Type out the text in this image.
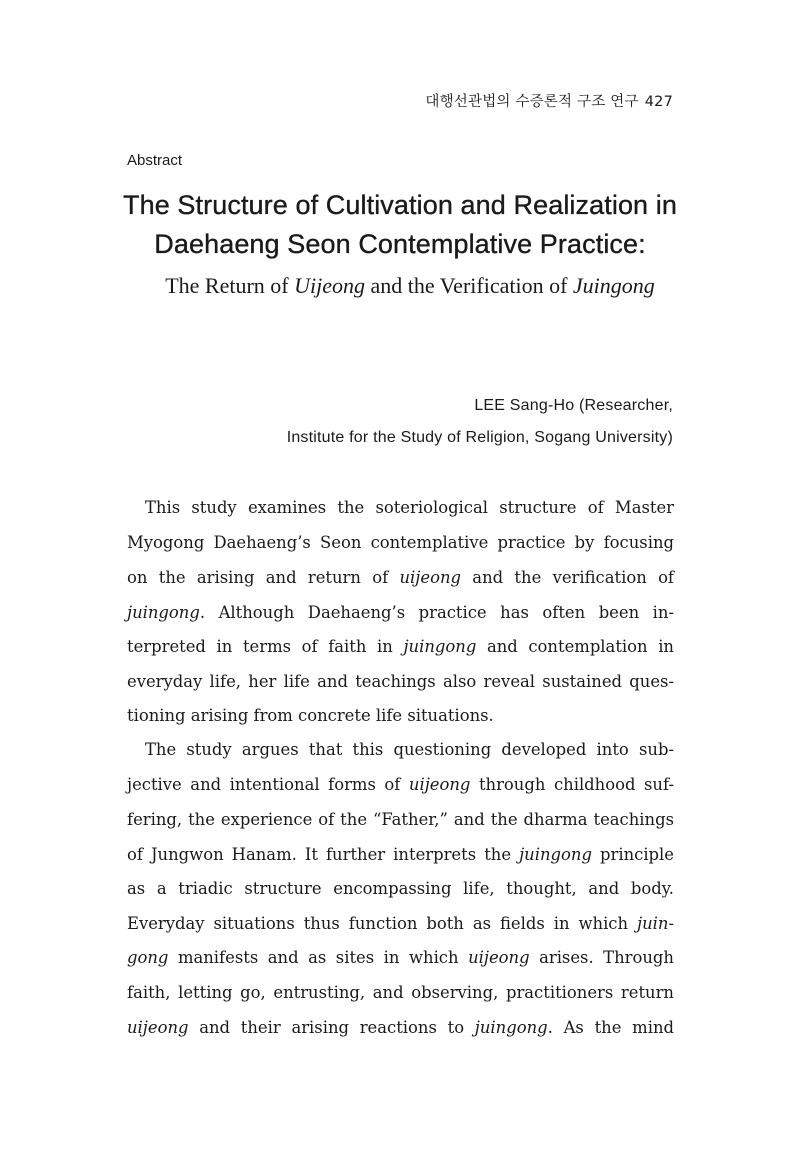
대행선관법의 수증론적 구조 연구 427
Abstract
The Structure of Cultivation and Realization in
Daehaeng Seon Contemplative Practice:
The Return of Uijeong and the Verification of Juingong
LEE Sang-Ho (Researcher,
Institute for the Study of Religion, Sogang University)
This study examines the soteriological structure of Master
Myogong Daehaeng’s Seon contemplative practice by focusing
on the arising and return of uijeong and the verification of
juingong. Although Daehaeng’s practice has often been in-
terpreted in terms of faith in juingong and contemplation in
everyday life, her life and teachings also reveal sustained ques-
tioning arising from concrete life situations.
The study argues that this questioning developed into sub-
jective and intentional forms of uijeong through childhood suf-
fering, the experience of the “Father,” and the dharma teachings
of Jungwon Hanam. It further interprets the juingong principle
as a triadic structure encompassing life, thought, and body.
Everyday situations thus function both as fields in which juin-
gong manifests and as sites in which uijeong arises. Through
faith, letting go, entrusting, and observing, practitioners return
uijeong and their arising reactions to juingong. As the mind
